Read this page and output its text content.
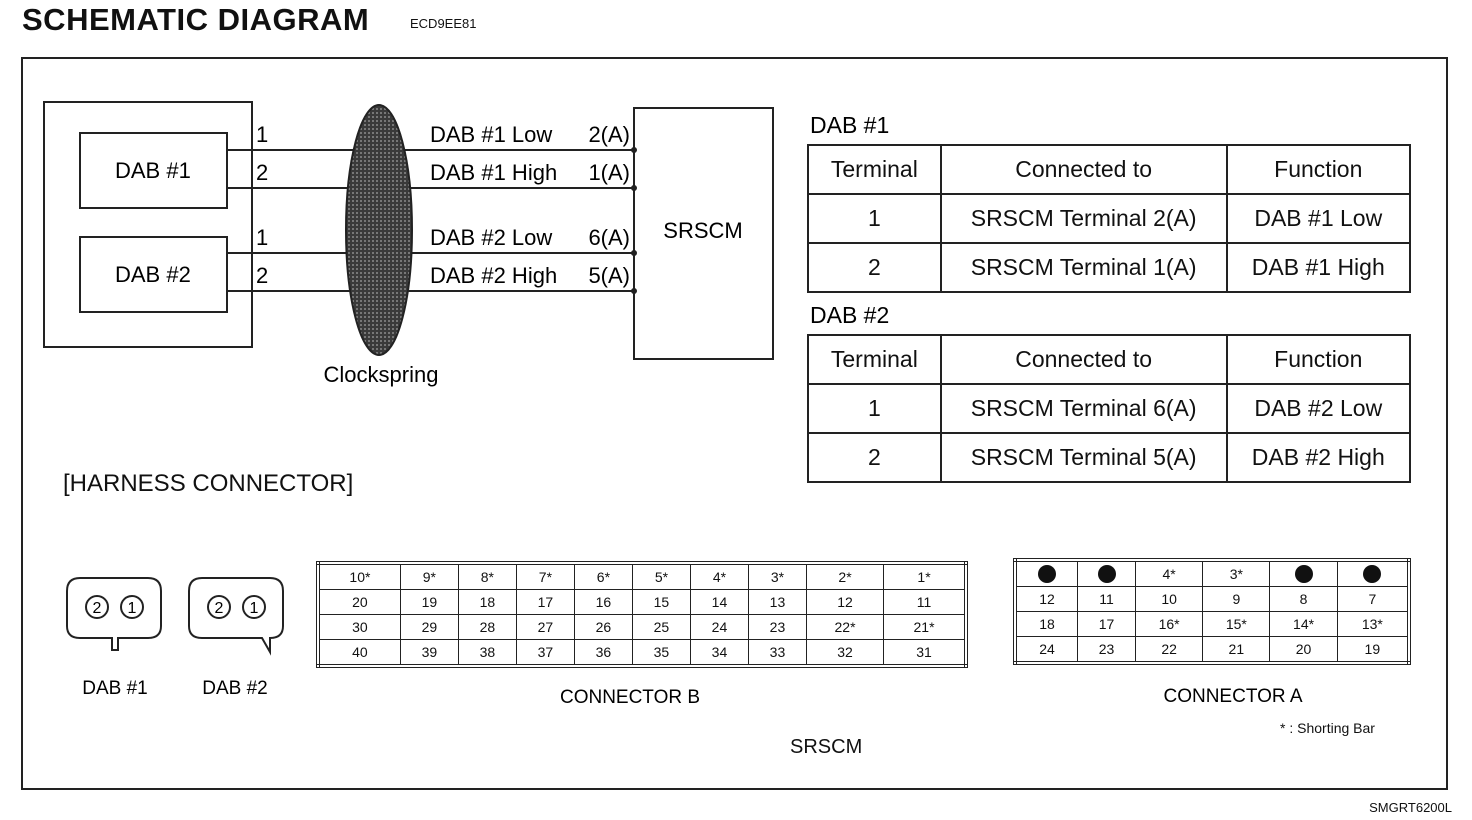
SCHEMATIC DIAGRAM	ECD9EE81
DAB #1
DAB #2
1
2
1
2
DAB #1 Low
DAB #1 High
DAB #2 Low
DAB #2 High
2(A)
1(A)
6(A)
5(A)
SRSCM
Clockspring
DAB #1
DAB #2
2 1	2 1
DAB #1	DAB #2	CONNECTOR B	CONNECTOR A
Terminal	Connected to	Function
1	SRSCM Terminal 2(A)	DAB #1 Low
2	SRSCM Terminal 1(A)	DAB #1 High
Terminal	Connected to	Function
1	SRSCM Terminal 6(A)	DAB #2 Low
2	SRSCM Terminal 5(A)	DAB #2 High
[HARNESS CONNECTOR]
10*	9*	8*	7*	6*	5*	4*	3*	2*	1*
20	19	18	17	16	15	14	13	12	11
30	29	28	27	26	25	24	23	22*	21*
40	39	38	37	36	35	34	33	32	31
		4*	3*		
12	11	10	9	8	7
18	17	16*	15*	14*	13*
24	23	22	21	20	19
* : Shorting Bar
SRSCM
SMGRT6200L
